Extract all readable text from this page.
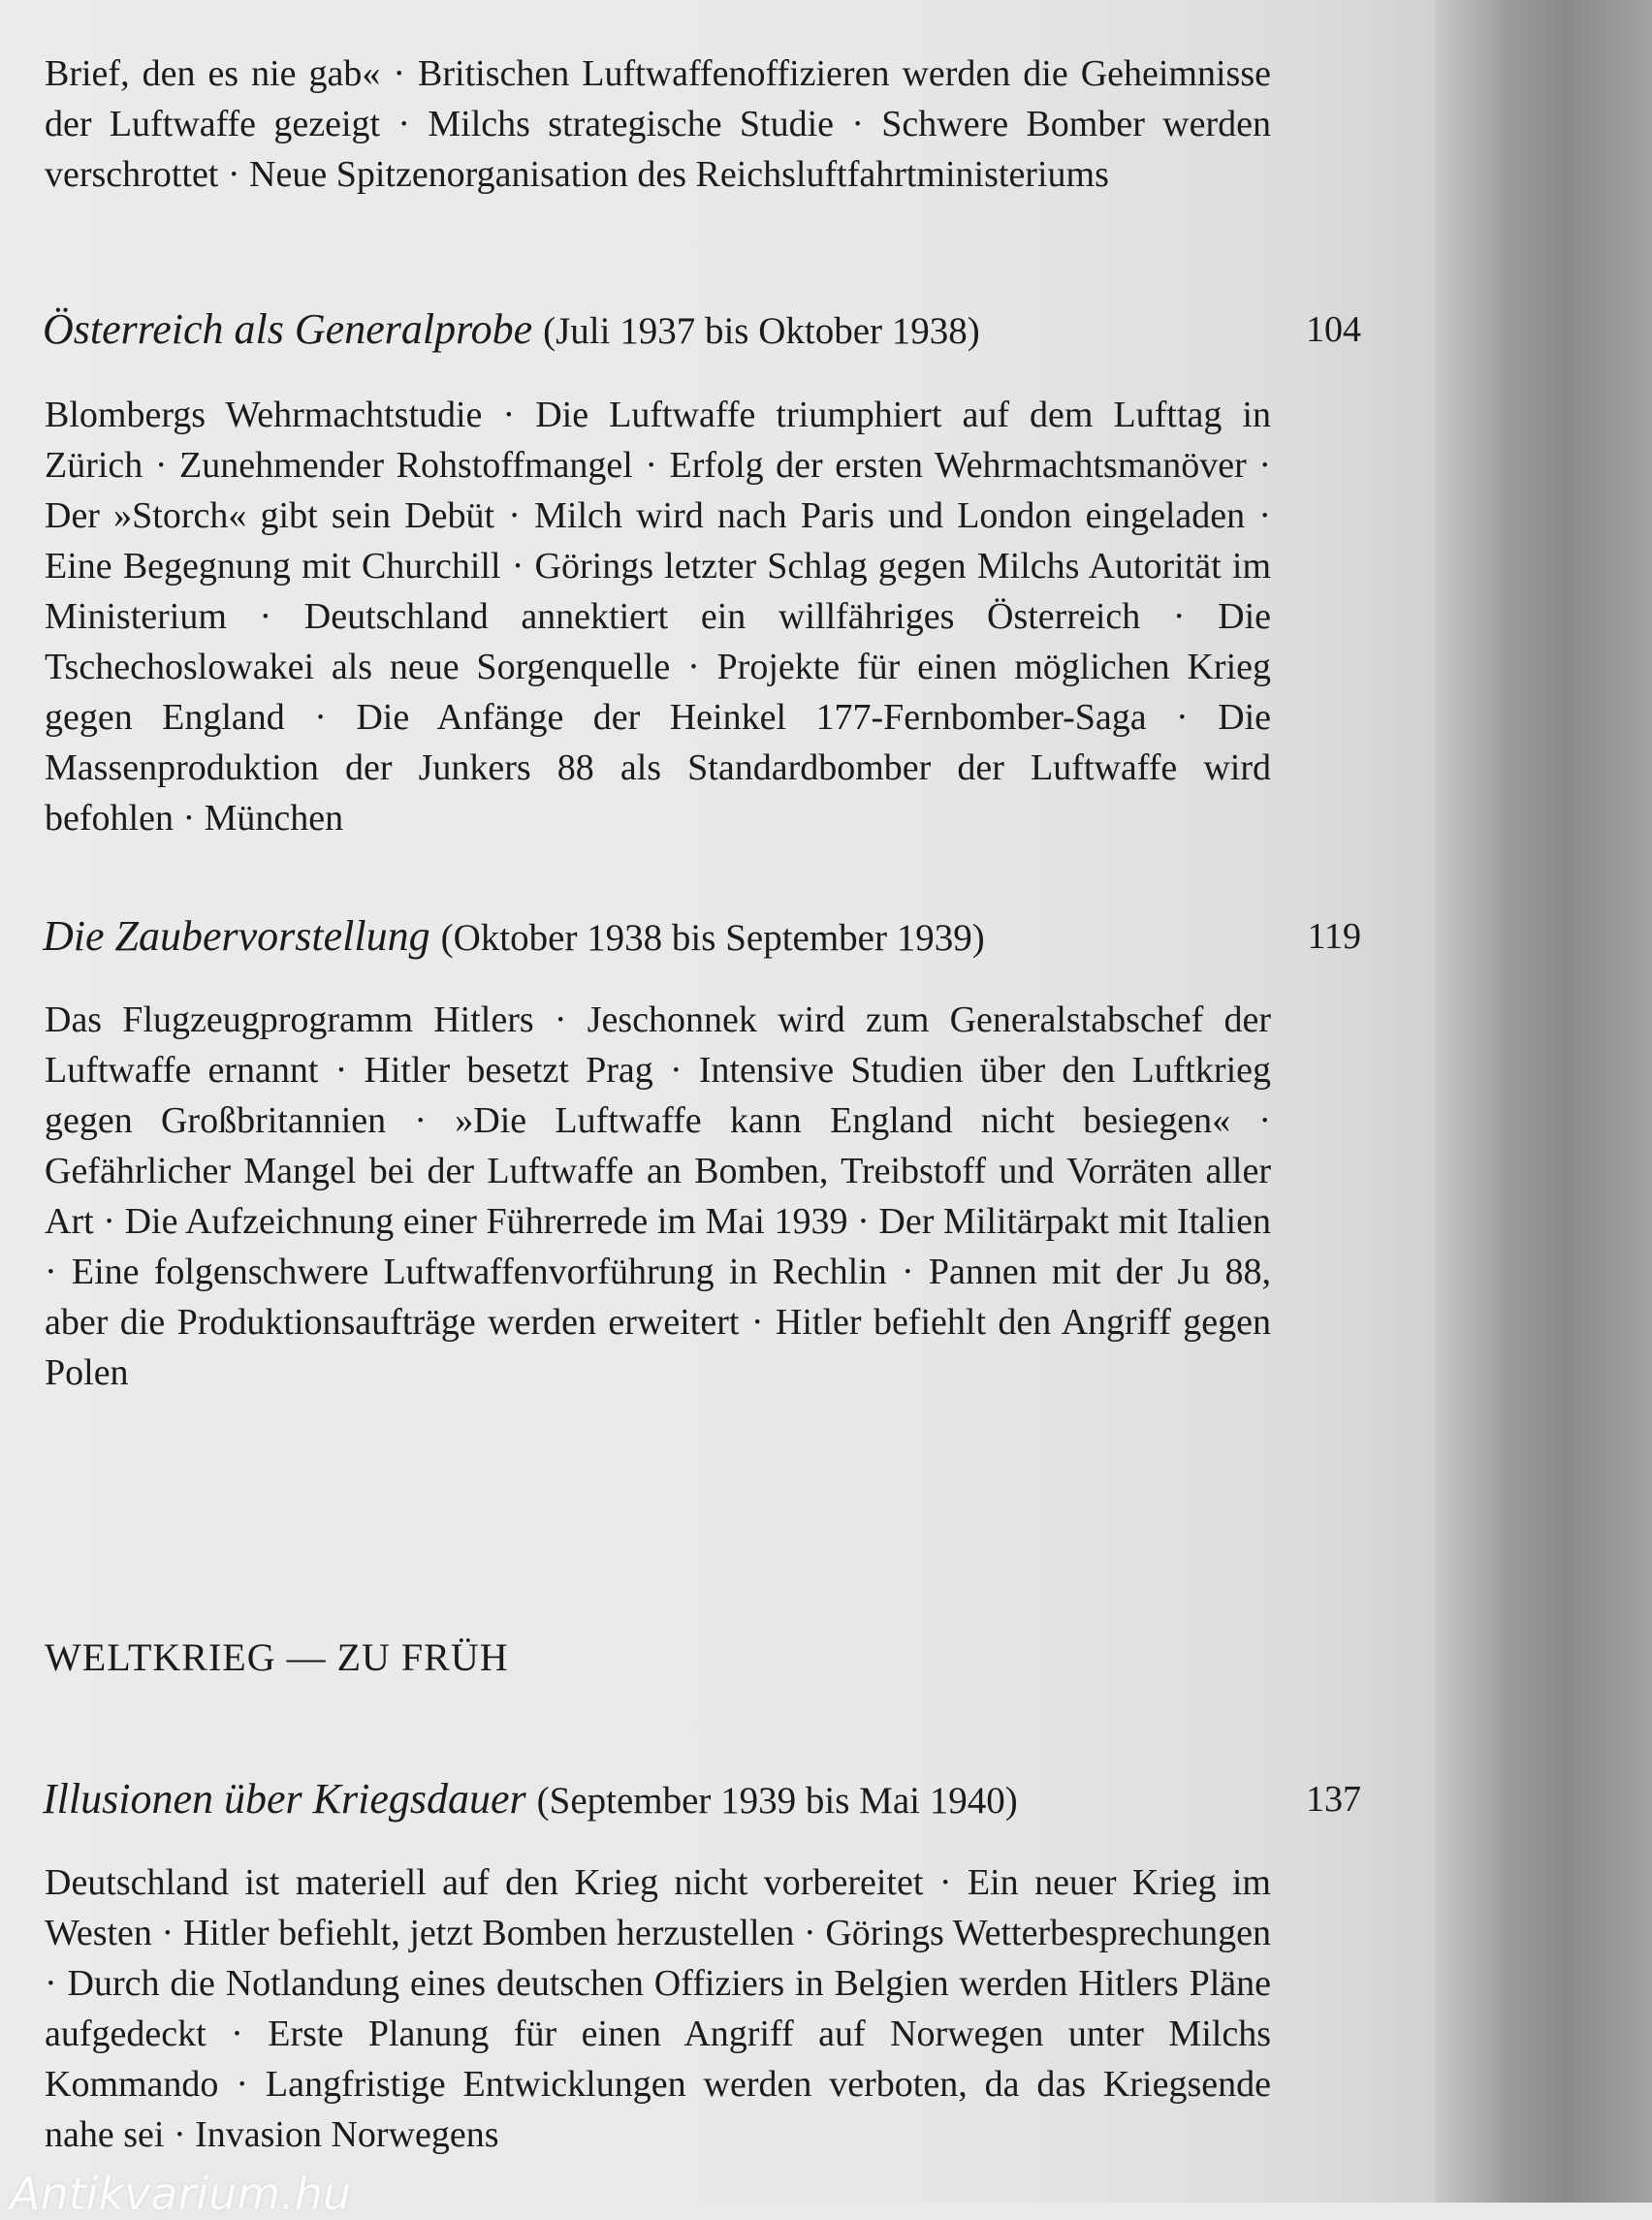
Brief, den es nie gab« · Britischen Luftwaffenoffizieren werden die Geheimnisse der Luftwaffe gezeigt · Milchs strategische Studie · Schwere Bomber werden verschrottet · Neue Spitzenorganisation des Reichsluftfahrtministeriums

Österreich als Generalprobe (Juli 1937 bis Oktober 1938)	104

Blombergs Wehrmachtstudie · Die Luftwaffe triumphiert auf dem Lufttag in Zürich · Zunehmender Rohstoffmangel · Erfolg der ersten Wehrmachtsmanöver · Der »Storch« gibt sein Debüt · Milch wird nach Paris und London eingeladen · Eine Begegnung mit Churchill · Görings letzter Schlag gegen Milchs Autorität im Ministerium · Deutschland annektiert ein willfähriges Österreich · Die Tschechoslowakei als neue Sorgenquelle · Projekte für einen möglichen Krieg gegen England · Die Anfänge der Heinkel 177-Fernbomber-Saga · Die Massenproduktion der Junkers 88 als Standardbomber der Luftwaffe wird befohlen · München

Die Zaubervorstellung (Oktober 1938 bis September 1939)	119

Das Flugzeugprogramm Hitlers · Jeschonnek wird zum Generalstabschef der Luftwaffe ernannt · Hitler besetzt Prag · Intensive Studien über den Luftkrieg gegen Großbritannien · »Die Luftwaffe kann England nicht besiegen« · Gefährlicher Mangel bei der Luftwaffe an Bomben, Treibstoff und Vorräten aller Art · Die Aufzeichnung einer Führerrede im Mai 1939 · Der Militärpakt mit Italien · Eine folgenschwere Luftwaffenvorführung in Rechlin · Pannen mit der Ju 88, aber die Produktionsaufträge werden erweitert · Hitler befiehlt den Angriff gegen Polen

WELTKRIEG — ZU FRÜH
Illusionen über Kriegsdauer (September 1939 bis Mai 1940)	137

Deutschland ist materiell auf den Krieg nicht vorbereitet · Ein neuer Krieg im Westen · Hitler befiehlt, jetzt Bomben herzustellen · Görings Wetterbesprechungen · Durch die Notlandung eines deutschen Offiziers in Belgien werden Hitlers Pläne aufgedeckt · Erste Planung für einen Angriff auf Norwegen unter Milchs Kommando · Langfristige Entwicklungen werden verboten, da das Kriegsende nahe sei · Invasion Norwegens

Antikvarium.hu
